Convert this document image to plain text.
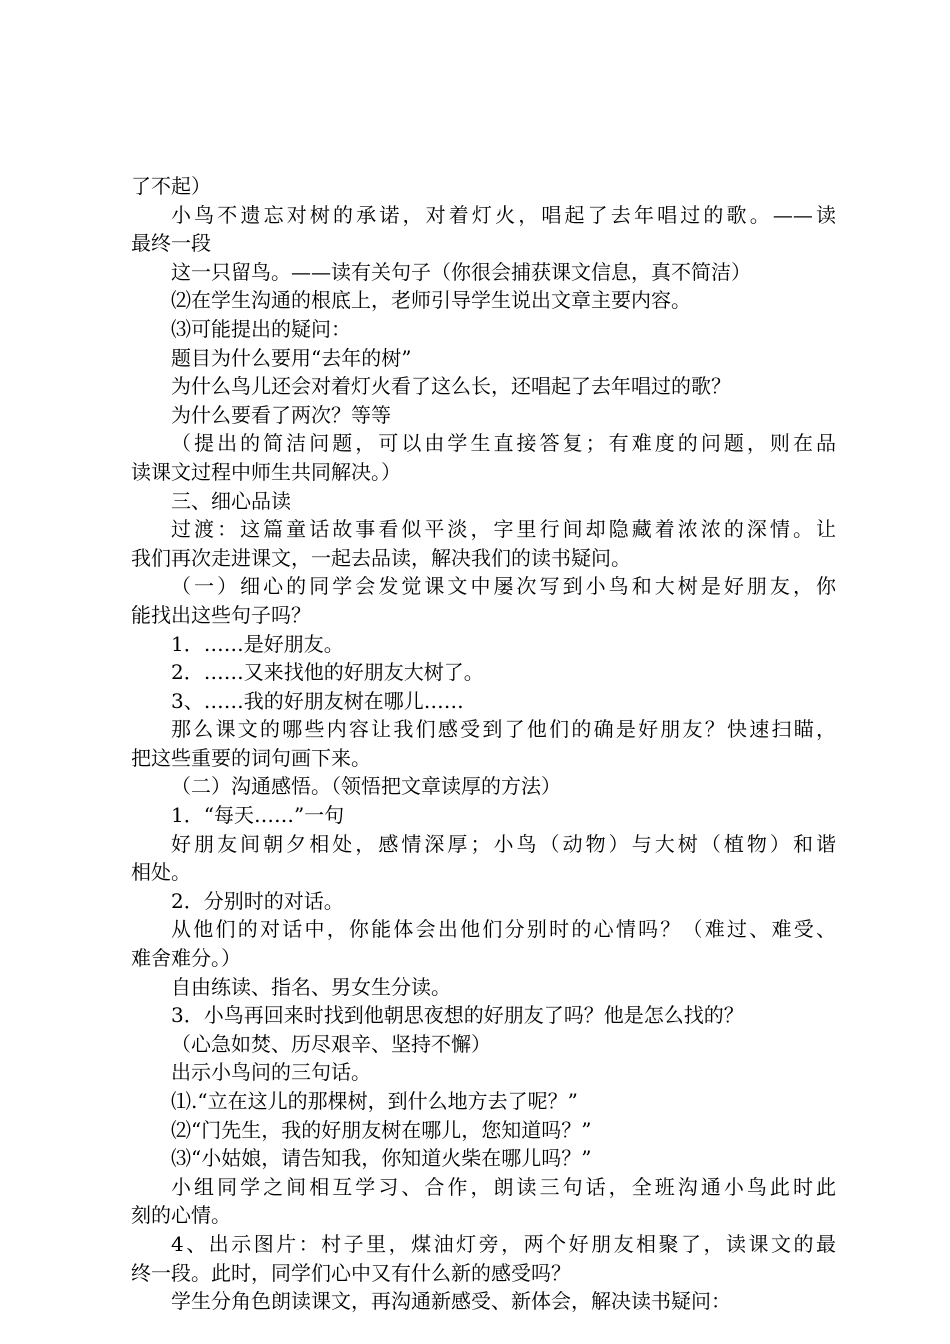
了不起）
小鸟不遗忘对树的承诺，对着灯火，唱起了去年唱过的歌。——读
最终一段
这一只留鸟。——读有关句子（你很会捕获课文信息，真不简洁）
⑵在学生沟通的根底上，老师引导学生说出文章主要内容。
⑶可能提出的疑问：
题目为什么要用“去年的树”
为什么鸟儿还会对着灯火看了这么长，还唱起了去年唱过的歌？
为什么要看了两次？等等
（提出的简洁问题，可以由学生直接答复；有难度的问题，则在品
读课文过程中师生共同解决。）
三、细心品读
过渡：这篇童话故事看似平淡，字里行间却隐藏着浓浓的深情。让
我们再次走进课文，一起去品读，解决我们的读书疑问。
（一）细心的同学会发觉课文中屡次写到小鸟和大树是好朋友，你
能找出这些句子吗？
1．……是好朋友。
2．……又来找他的好朋友大树了。
3、……我的好朋友树在哪儿……
那么课文的哪些内容让我们感受到了他们的确是好朋友？快速扫瞄，
把这些重要的词句画下来。
（二）沟通感悟。（领悟把文章读厚的方法）
1．“每天……”一句
好朋友间朝夕相处，感情深厚；小鸟（动物）与大树（植物）和谐
相处。
2．分别时的对话。
从他们的对话中，你能体会出他们分别时的心情吗？（难过、难受、
难舍难分。）
自由练读、指名、男女生分读。
3．小鸟再回来时找到他朝思夜想的好朋友了吗？他是怎么找的？
（心急如焚、历尽艰辛、坚持不懈）
出示小鸟问的三句话。
⑴.“立在这儿的那棵树，到什么地方去了呢？”
⑵“门先生，我的好朋友树在哪儿，您知道吗？”
⑶“小姑娘，请告知我，你知道火柴在哪儿吗？”
小组同学之间相互学习、合作，朗读三句话，全班沟通小鸟此时此
刻的心情。
4、出示图片：村子里，煤油灯旁，两个好朋友相聚了，读课文的最
终一段。此时，同学们心中又有什么新的感受吗？
学生分角色朗读课文，再沟通新感受、新体会，解决读书疑问：
